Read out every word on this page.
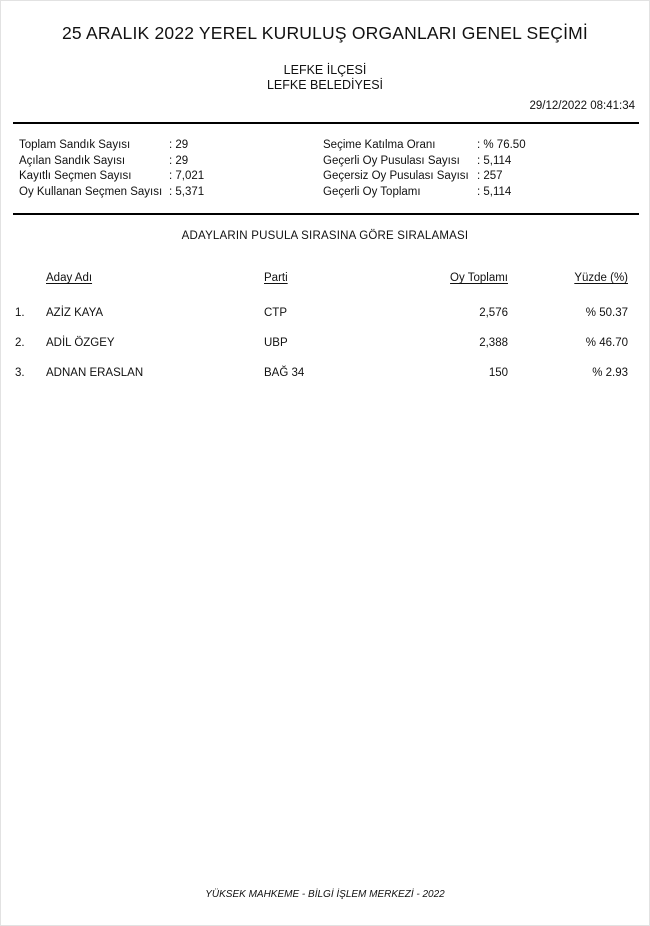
25 ARALIK 2022 YEREL KURULUŞ ORGANLARI GENEL SEÇİMİ
LEFKE İLÇESİ
LEFKE BELEDİYESİ
29/12/2022 08:41:34
Toplam Sandık Sayısı	: 29
Açılan Sandık Sayısı	: 29
Kayıtlı Seçmen Sayısı	: 7,021
Oy Kullanan Seçmen Sayısı : 5,371
Seçime Katılma Oranı	: % 76.50
Geçerli Oy Pusulası Sayısı : 5,114
Geçersiz Oy Pusulası Sayısı : 257
Geçerli Oy Toplamı	: 5,114
ADAYLARIN PUSULA SIRASINA GÖRE SIRALAMASI
Aday Adı	Parti	Oy Toplamı	Yüzde (%)
1.	AZİZ KAYA	CTP	2,576	% 50.37
2.	ADİL ÖZGEY	UBP	2,388	% 46.70
3.	ADNAN ERASLAN	BAĞ 34	150	% 2.93
YÜKSEK MAHKEME - BİLGİ İŞLEM MERKEZİ - 2022
